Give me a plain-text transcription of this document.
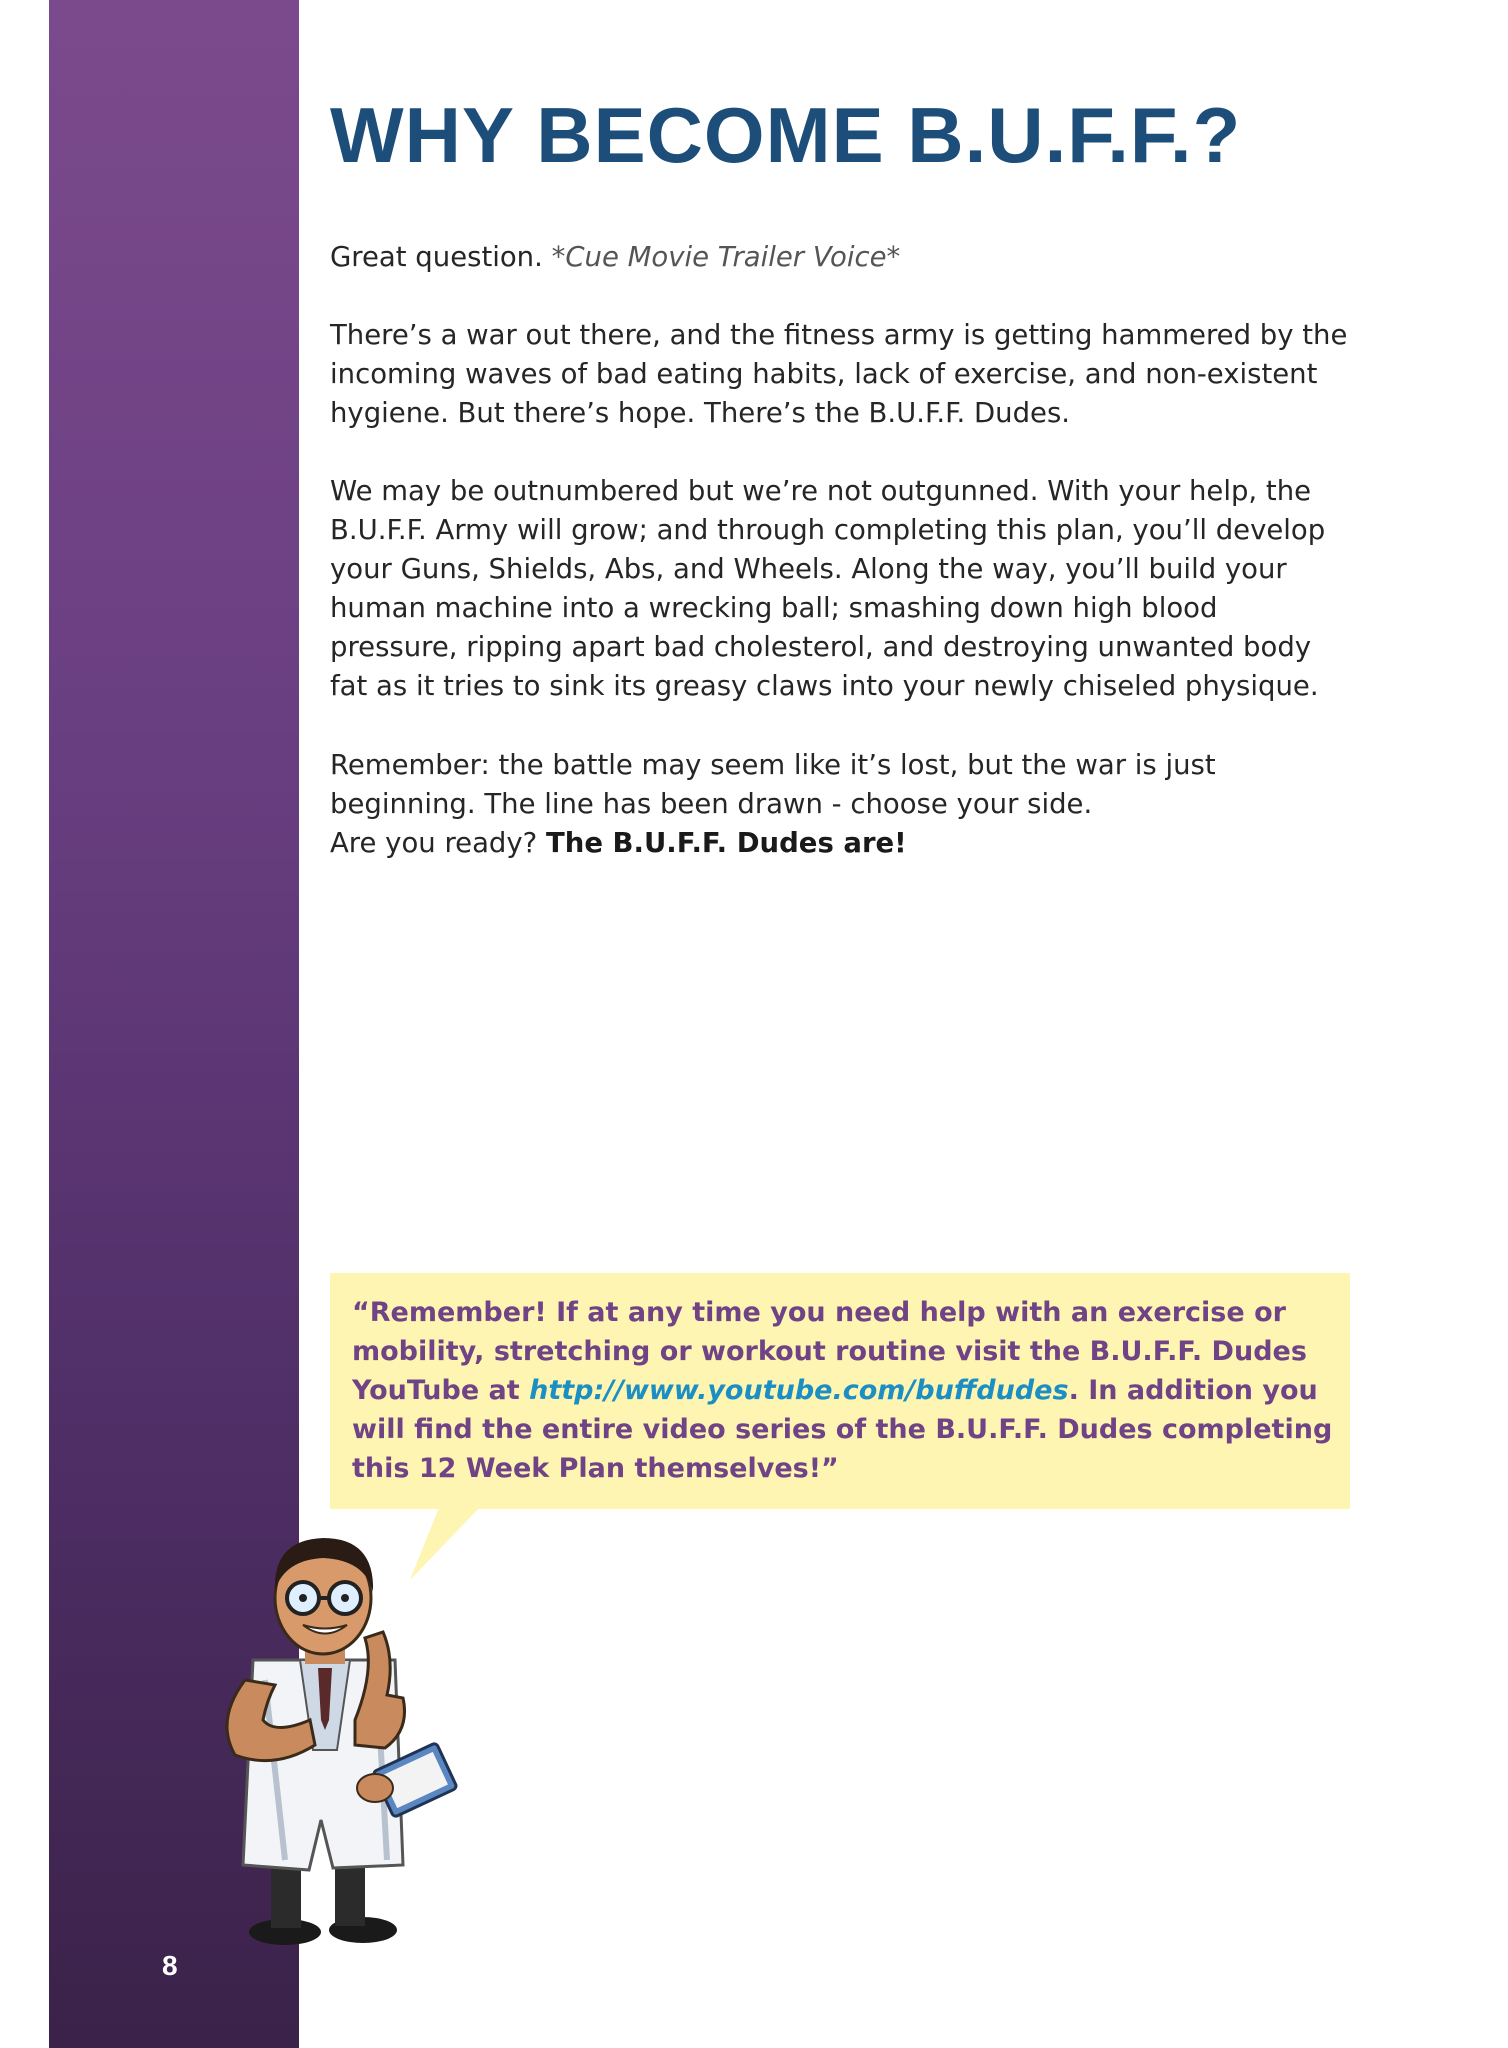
8
WHY BECOME B.U.F.F.?

Great question. *Cue Movie Trailer Voice*

There’s a war out there, and the fitness army is getting hammered by the incoming waves of bad eating habits, lack of exercise, and non-existent hygiene. But there’s hope. There’s the B.U.F.F. Dudes.

We may be outnumbered but we’re not outgunned. With your help, the B.U.F.F. Army will grow; and through completing this plan, you’ll develop your Guns, Shields, Abs, and Wheels. Along the way, you’ll build your human machine into a wrecking ball; smashing down high blood pressure, ripping apart bad cholesterol, and destroying unwanted body fat as it tries to sink its greasy claws into your newly chiseled physique.

Remember: the battle may seem like it’s lost, but the war is just beginning. The line has been drawn - choose your side.

Are you ready? The B.U.F.F. Dudes are!

“Remember! If at any time you need help with an exercise or mobility, stretching or workout routine visit the B.U.F.F. Dudes YouTube at http://www.youtube.com/buffdudes. In addition you will find the entire video series of the B.U.F.F. Dudes completing this 12 Week Plan themselves!”
